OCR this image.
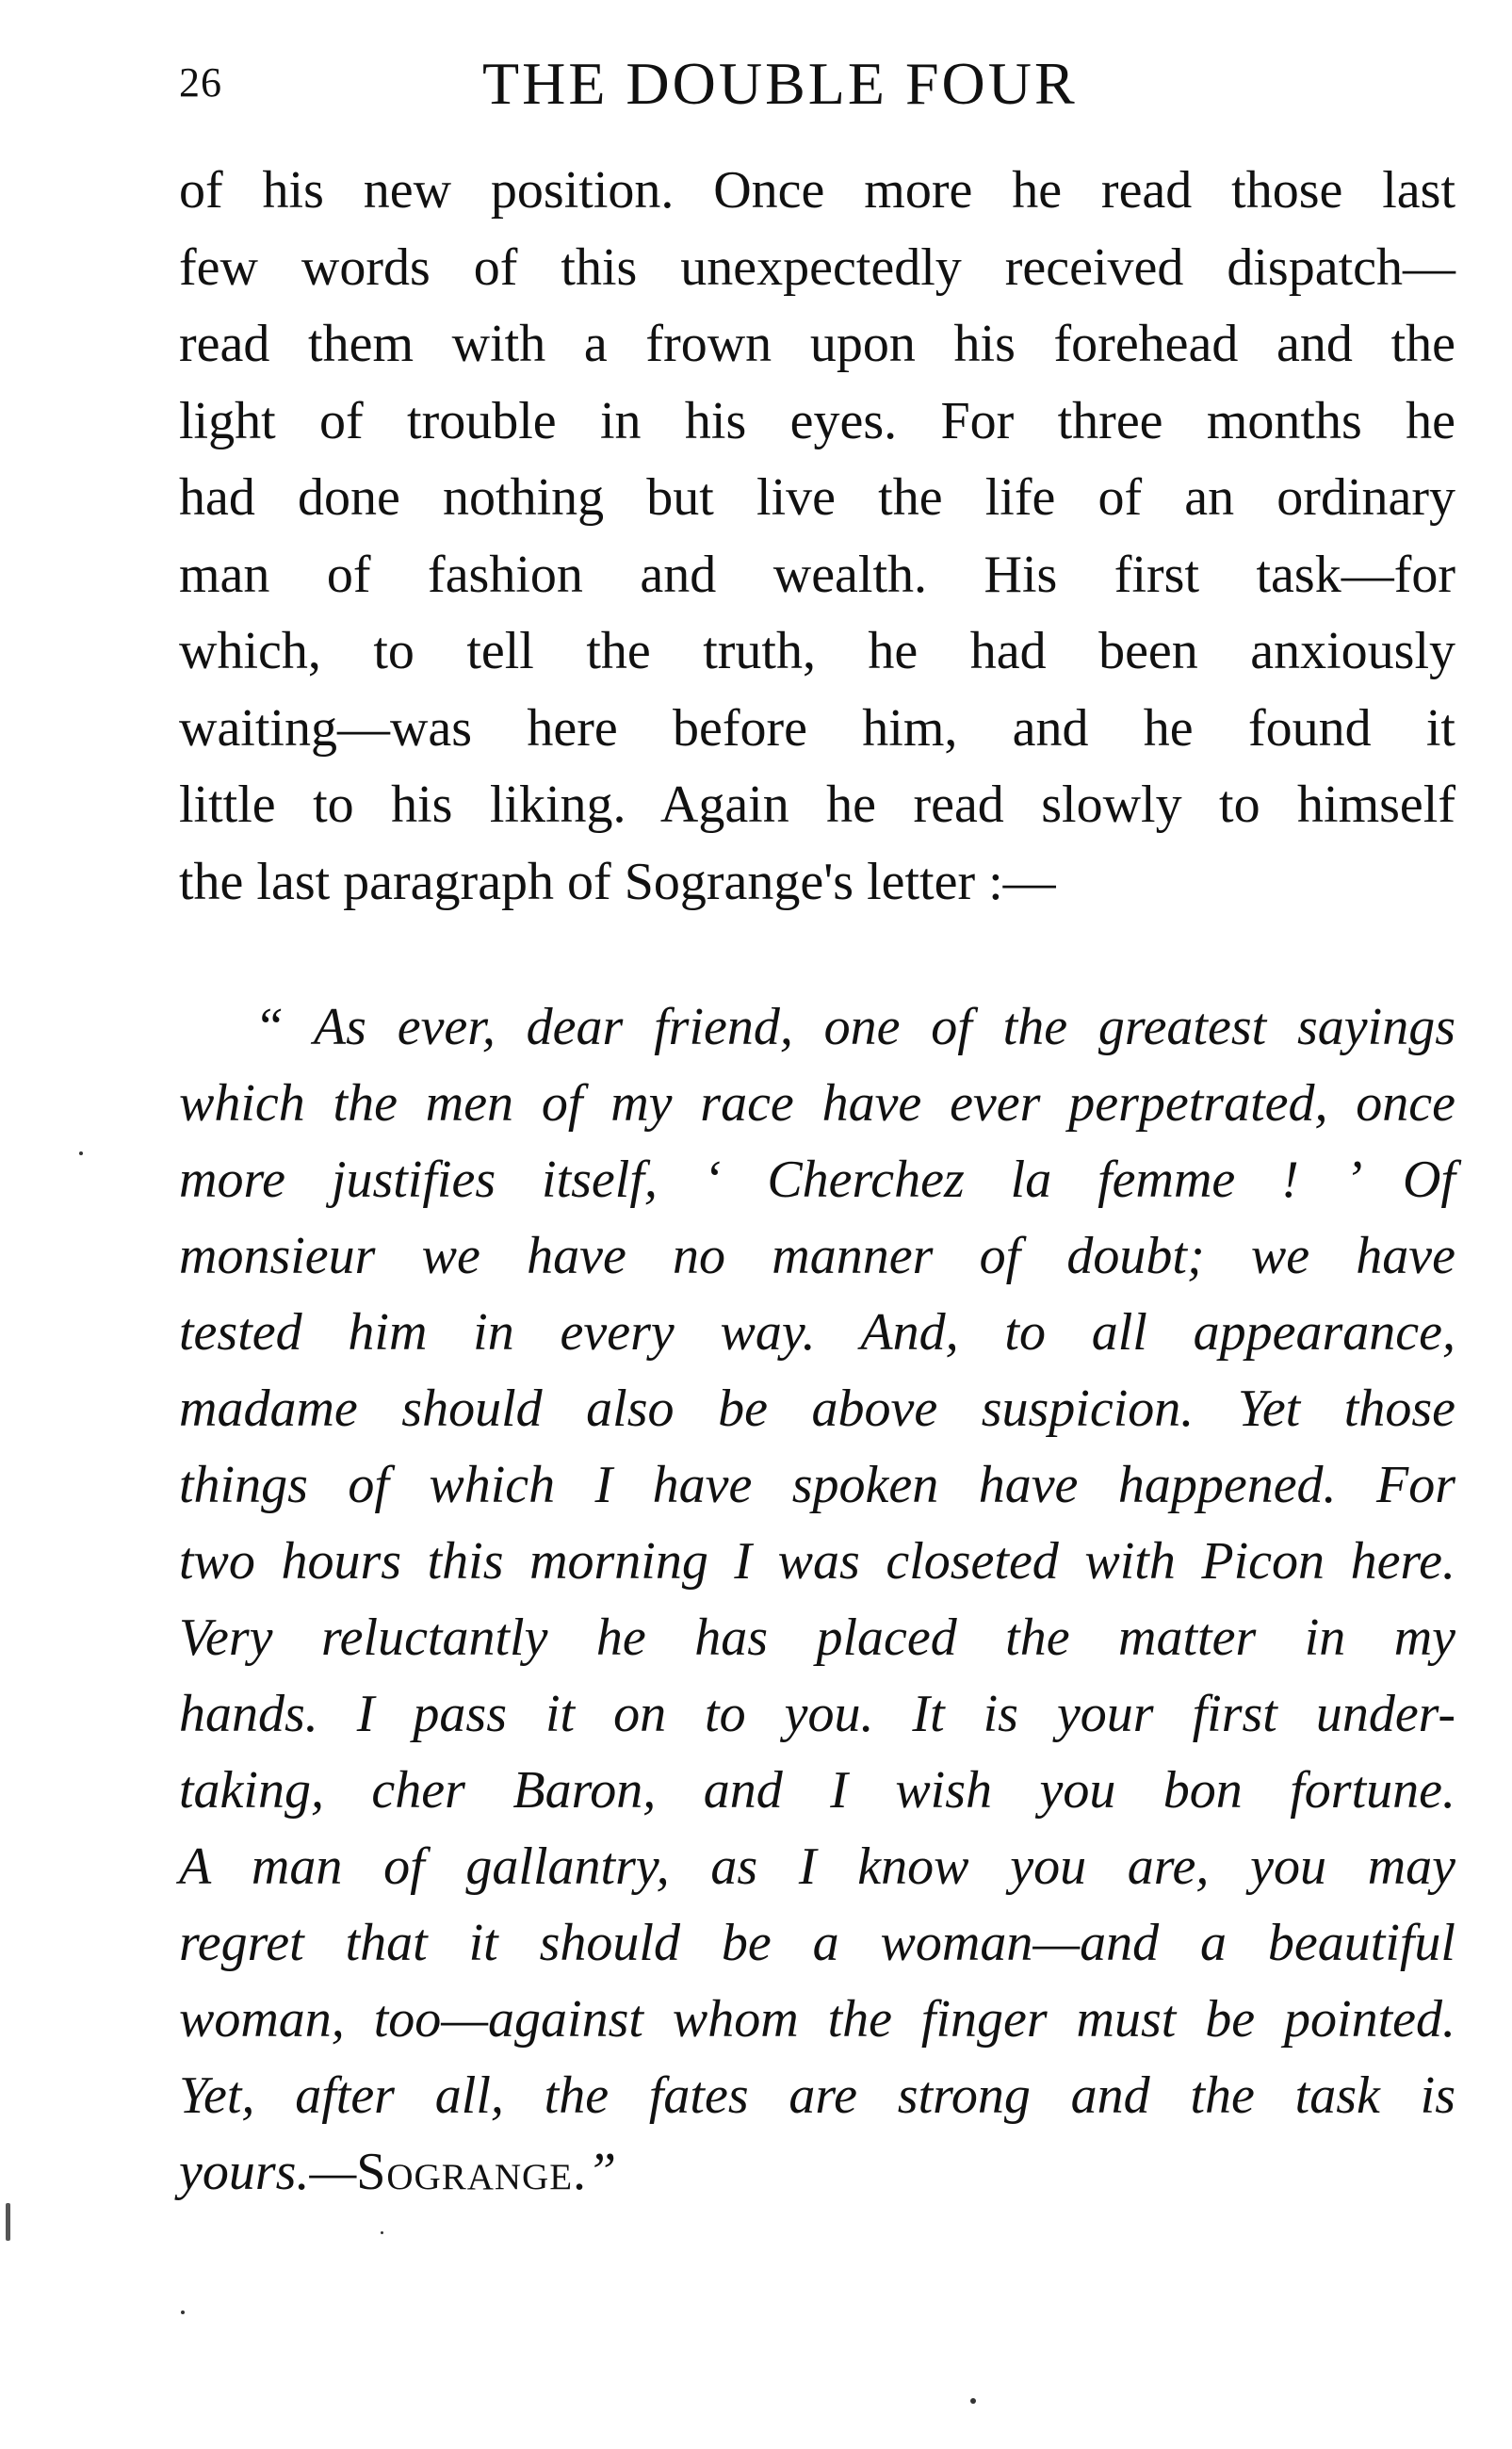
26	THE DOUBLE FOUR
of his new position. Once more he read those last
few words of this unexpectedly received dispatch—
read them with a frown upon his forehead and the
light of trouble in his eyes. For three months he
had done nothing but live the life of an ordinary
man of fashion and wealth. His first task—for
which, to tell the truth, he had been anxiously
waiting—was here before him, and he found it
little to his liking. Again he read slowly to himself
the last paragraph of Sogrange's letter :—
“ As ever, dear friend, one of the greatest sayings
which the men of my race have ever perpetrated, once
more justifies itself, ‘ Cherchez la femme ! ’ Of
monsieur we have no manner of doubt; we have
tested him in every way. And, to all appearance,
madame should also be above suspicion. Yet those
things of which I have spoken have happened. For
two hours this morning I was closeted with Picon here.
Very reluctantly he has placed the matter in my
hands. I pass it on to you. It is your first under-
taking, cher Baron, and I wish you bon fortune.
A man of gallantry, as I know you are, you may
regret that it should be a woman—and a beautiful
woman, too—against whom the finger must be pointed.
Yet, after all, the fates are strong and the task is
yours.—Sogrange.”
